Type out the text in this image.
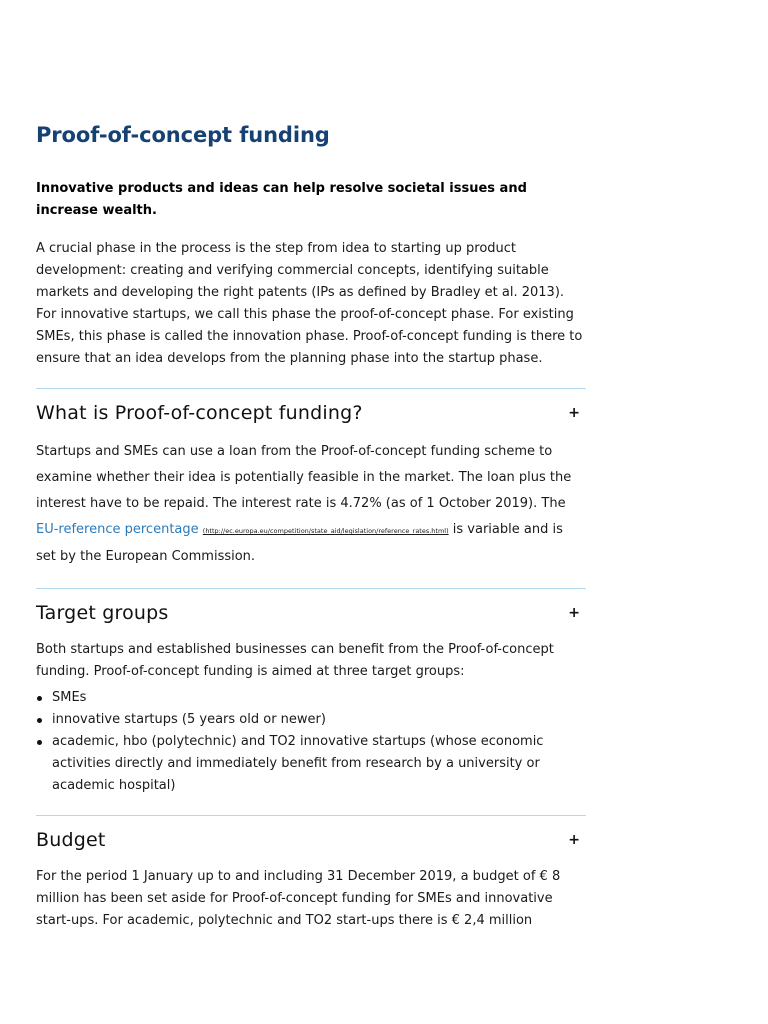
Proof-of-concept funding

Innovative products and ideas can help resolve societal issues and increase wealth.

A crucial phase in the process is the step from idea to starting up product development: creating and verifying commercial concepts, identifying suitable markets and developing the right patents (IPs as defined by Bradley et al. 2013). For innovative startups, we call this phase the proof-of-concept phase. For existing SMEs, this phase is called the innovation phase. Proof-of-concept funding is there to ensure that an idea develops from the planning phase into the startup phase.

What is Proof-of-concept funding?	+

Startups and SMEs can use a loan from the Proof-of-concept funding scheme to examine whether their idea is potentially feasible in the market. The loan plus the interest have to be repaid. The interest rate is 4.72% (as of 1 October 2019). The EU-reference percentage (http://ec.europa.eu/competition/state_aid/legislation/reference_rates.html) is variable and is set by the European Commission.

Target groups	+

Both startups and established businesses can benefit from the Proof-of-concept funding. Proof-of-concept funding is aimed at three target groups:

SMEs
innovative startups (5 years old or newer)
academic, hbo (polytechnic) and TO2 innovative startups (whose economic activities directly and immediately benefit from research by a university or academic hospital)
Budget	+

For the period 1 January up to and including 31 December 2019, a budget of € 8 million has been set aside for Proof-of-concept funding for SMEs and innovative start-ups. For academic, polytechnic and TO2 start-ups there is € 2,4 million
